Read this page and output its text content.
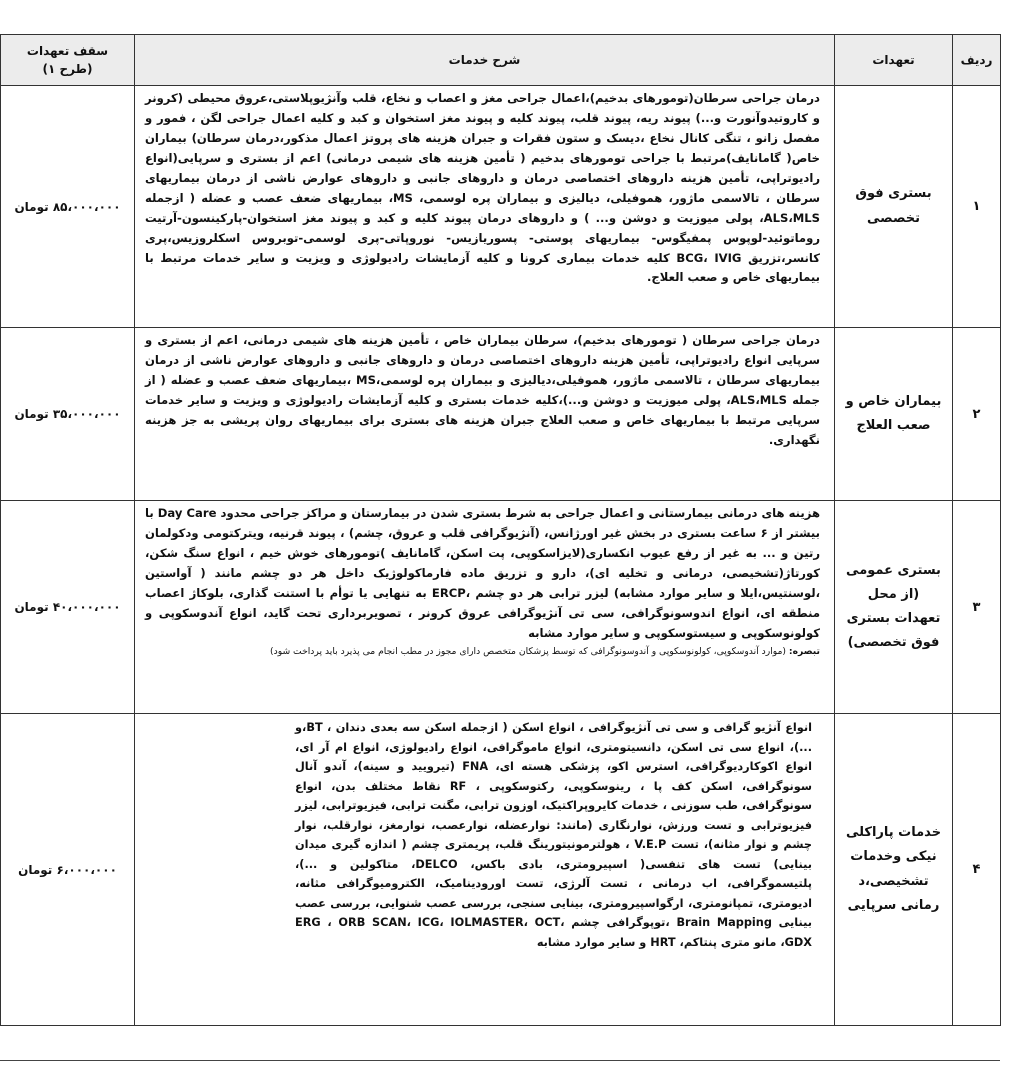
ردیف	تعهدات	شرح خدمات	سقف تعهدات
(طرح ۱)

۱	بستری فوق تخصصی	درمان جراحی سرطان(تومورهای بدخیم)،اعمال جراحی مغز و اعصاب و نخاع، قلب وآنژیوپلاستی،عروق محیطی (کرونر و کاروتیدوآنورت و...) پیوند ریه، پیوند قلب، پیوند کلیه و پیوند مغز استخوان و کبد و کلیه اعمال جراحی لگن ، فمور و مفصل زانو ، تنگی کانال نخاع ،دیسک و ستون فقرات و جبران هزینه های پروتز اعمال مذکور،درمان سرطان) بیماران خاص( گامانایف)مرتبط با جراحی تومورهای بدخیم ( تأمین هزینه های شیمی درمانی) اعم از بستری و سرپایی(انواع رادیوتراپی، تأمین هزینه داروهای اختصاصی درمان و داروهای جانبی و داروهای عوارض ناشی از درمان بیماریهای سرطان ، تالاسمی ماژور، هموفیلی، دیالیزی و بیماران پره لوسمی، MS، بیماریهای ضعف عصب و عضله ( ازجمله ALS،MLS، پولی میوزیت و دوشن و... ) و داروهای درمان پیوند کلیه و کبد و پیوند مغز استخوان-پارکینسون-آرتیت روماتوئید-لوپوس پمفیگوس- بیماریهای پوستی- پسوریازیس- نوروپاتی-پری لوسمی-توبروس اسکلروزیس،پری کانسر،تزریق BCG، IVIG کلیه خدمات بیماری کرونا و کلیه آزمایشات رادیولوژی و ویزیت و سایر خدمات مرتبط با بیماریهای خاص و صعب العلاج.	۸۵،۰۰۰،۰۰۰ تومان
۲	بیماران خاص و صعب العلاج	درمان جراحی سرطان ( تومورهای بدخیم)، سرطان بیماران خاص ، تأمین هزینه های شیمی درمانی، اعم از بستری و سرپایی انواع رادیوتراپی، تأمین هزینه داروهای اختصاصی درمان و داروهای جانبی و داروهای عوارض ناشی از درمان بیماریهای سرطان ، تالاسمی ماژور، هموفیلی،دیالیزی و بیماران پره لوسمی،MS ،بیماریهای ضعف عصب و عضله ( از جمله ALS،MLS، پولی میوزیت و دوشن و...)،کلیه خدمات بستری و کلیه آزمایشات رادیولوژی و ویزیت و سایر خدمات سرپایی مرتبط با بیماریهای خاص و صعب العلاج جبران هزینه های بستری برای بیماریهای روان پریشی به جز هزینه نگهداری.	۳۵،۰۰۰،۰۰۰ تومان
۳	بستری عمومی (از محل تعهدات بستری فوق تخصصی)	هزینه های درمانی بیمارستانی و اعمال جراحی به شرط بستری شدن در بیمارستان و مراکز جراحی محدود Day Care با بیشتر از ۶ ساعت بستری در بخش غیر اورژانس، (آنژیوگرافی قلب و عروق، چشم) ، پیوند قرنیه، ویترکتومی ودکولمان رتین و ... به غیر از رفع عیوب انکساری(لایزاسکوپی، پت اسکن، گامانایف )تومورهای خوش خیم ، انواع سنگ شکن، کورتاژ(تشخیصی، درمانی و تخلیه ای)، دارو و تزریق ماده فارماکولوژیک داخل هر دو چشم مانند ( آواستین ،لوسنتیس،ایلا و سایر موارد مشابه) لیزر ترابی هر دو چشم ،ERCP به تنهایی یا توأم با استنت گذاری، بلوکاژ اعصاب منطقه ای، انواع اندوسونوگرافی، سی تی آنژیوگرافی عروق کرونر ، تصویربرداری تحت گاید، انواع آندوسکوپی و کولونوسکوپی و سیستوسکوپی و سایر موارد مشابه
تبصره: (موارد آندوسکوپی، کولونوسکوپی و آندوسونوگرافی که توسط پزشکان متخصص دارای مجوز در مطب انجام می پذیرد باید پرداخت شود)	۴۰،۰۰۰،۰۰۰ تومان
۴	خدمات پاراکلی نیکی وخدمات تشخیصی،د رمانی سرپایی	انواع آنژیو گرافی و سی تی آنژیوگرافی ، انواع اسکن ( ازجمله اسکن سه بعدی دندان ، BT،و ...)، انواع سی تی اسکن، دانسیتومتری، انواع ماموگرافی، انواع رادیولوژی، انواع ام آر ای، انواع اکوکاردیوگرافی، استرس اکو، پزشکی هسته ای، FNA (تیرویید و سینه)، آندو آنال سونوگرافی، اسکن کف پا ، رینوسکوپی، رکتوسکوپی ، RF نقاط مختلف بدن، انواع سونوگرافی، طب سوزنی ، خدمات کایروپراکتیک، اوزون ترابی، مگنت ترابی، فیزیوترابی، لیزر فیزیوترابی و تست ورزش، نوارنگاری (مانند: نوارعضله، نوارعصب، نوارمغز، نوارقلب، نوار چشم و نوار مثانه)، تست V.E.P ، هولترمونیتورینگ قلب، پریمتری چشم ( اندازه گیری میدان بینایی) تست های تنفسی( اسپیرومتری، بادی باکس، DELCO، متاکولین و ...)، پلتیسموگرافی، اب درمانی ، تست آلرژی، تست اورودینامیک، الکترومیوگرافی مثانه، ادیومتری، تمپانومتری، ارگواسپیرومتری، بینایی سنجی، بررسی عصب شنوایی، بررسی عصب بینایی Brain Mapping ،توپوگرافی چشم ERG ، ORB SCAN، ICG، IOLMASTER، OCT، GDX، مانو متری پنتاکم، HRT و سایر موارد مشابه	۶،۰۰۰،۰۰۰ تومان
